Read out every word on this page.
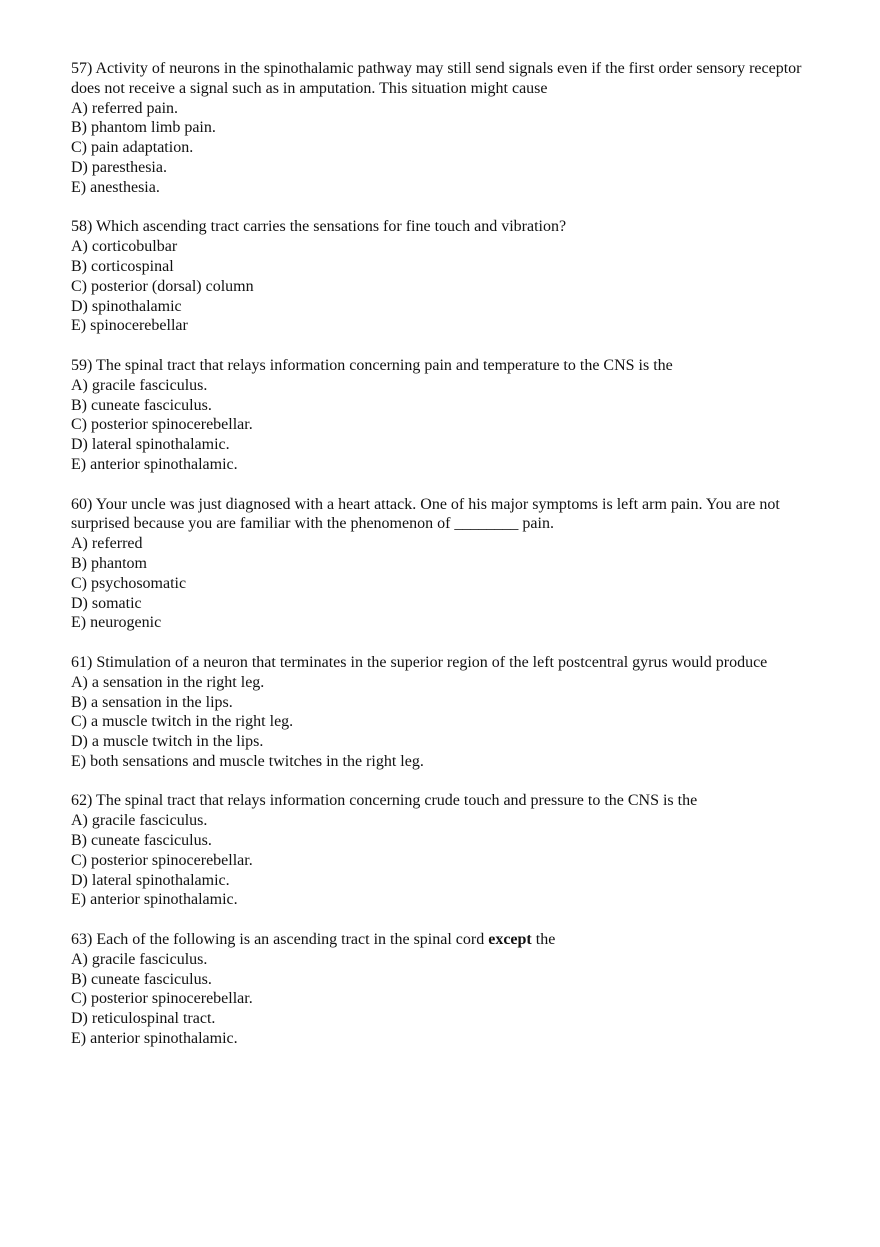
57) Activity of neurons in the spinothalamic pathway may still send signals even if the first order sensory receptor does not receive a signal such as in amputation. This situation might cause
A) referred pain.
B) phantom limb pain.
C) pain adaptation.
D) paresthesia.
E) anesthesia.
58) Which ascending tract carries the sensations for fine touch and vibration?
A) corticobulbar
B) corticospinal
C) posterior (dorsal) column
D) spinothalamic
E) spinocerebellar
59) The spinal tract that relays information concerning pain and temperature to the CNS is the
A) gracile fasciculus.
B) cuneate fasciculus.
C) posterior spinocerebellar.
D) lateral spinothalamic.
E) anterior spinothalamic.
60) Your uncle was just diagnosed with a heart attack. One of his major symptoms is left arm pain. You are not surprised because you are familiar with the phenomenon of ________ pain.
A) referred
B) phantom
C) psychosomatic
D) somatic
E) neurogenic
61) Stimulation of a neuron that terminates in the superior region of the left postcentral gyrus would produce
A) a sensation in the right leg.
B) a sensation in the lips.
C) a muscle twitch in the right leg.
D) a muscle twitch in the lips.
E) both sensations and muscle twitches in the right leg.
62) The spinal tract that relays information concerning crude touch and pressure to the CNS is the
A) gracile fasciculus.
B) cuneate fasciculus.
C) posterior spinocerebellar.
D) lateral spinothalamic.
E) anterior spinothalamic.
63) Each of the following is an ascending tract in the spinal cord except the
A) gracile fasciculus.
B) cuneate fasciculus.
C) posterior spinocerebellar.
D) reticulospinal tract.
E) anterior spinothalamic.
